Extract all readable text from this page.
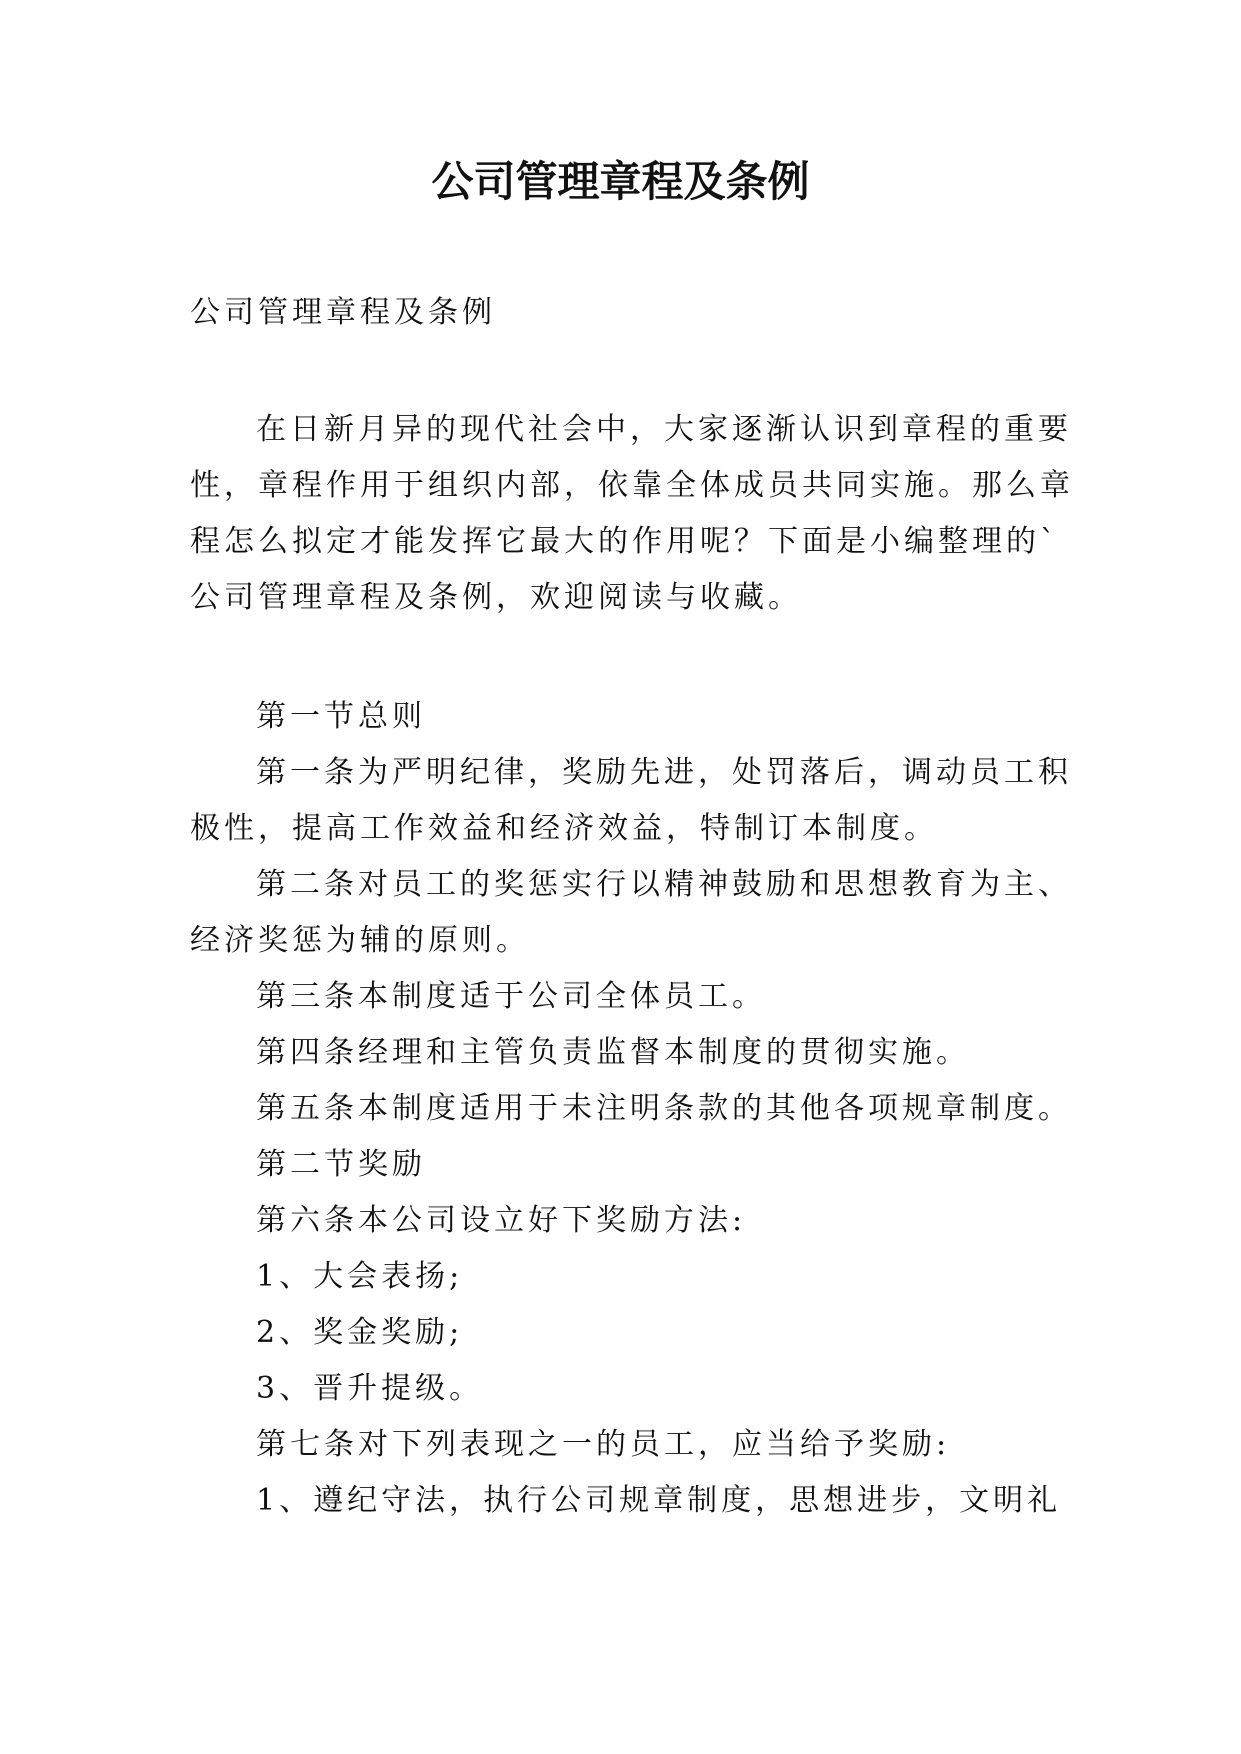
公司管理章程及条例
公司管理章程及条例
在日新月异的现代社会中，大家逐渐认识到章程的重要
性，章程作用于组织内部，依靠全体成员共同实施。那么章
程怎么拟定才能发挥它最大的作用呢？下面是小编整理的`
公司管理章程及条例，欢迎阅读与收藏。
第一节总则
第一条为严明纪律，奖励先进，处罚落后，调动员工积
极性，提高工作效益和经济效益，特制订本制度。
第二条对员工的奖惩实行以精神鼓励和思想教育为主、
经济奖惩为辅的原则。
第三条本制度适于公司全体员工。
第四条经理和主管负责监督本制度的贯彻实施。
第五条本制度适用于未注明条款的其他各项规章制度。
第二节奖励
第六条本公司设立好下奖励方法:
1、大会表扬;
2、奖金奖励;
3、晋升提级。
第七条对下列表现之一的员工，应当给予奖励:
1、遵纪守法，执行公司规章制度，思想进步，文明礼
